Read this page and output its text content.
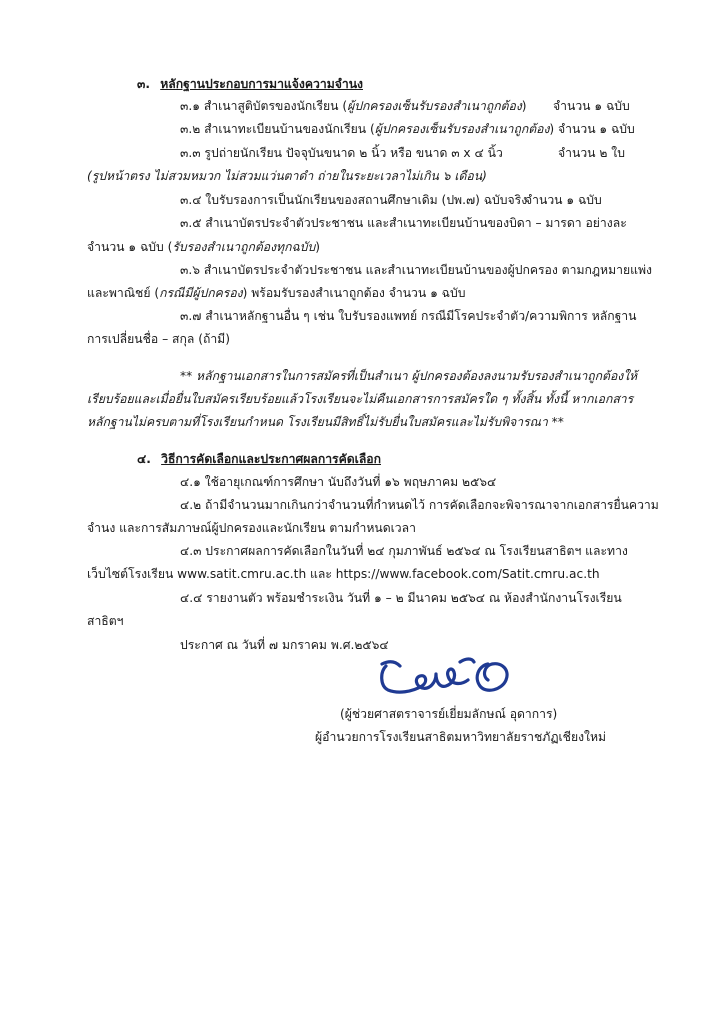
๓. หลักฐานประกอบการมาแจ้งความจำนง
๓.๑ สำเนาสูติบัตรของนักเรียน (ผู้ปกครองเซ็นรับรองสำเนาถูกต้อง) จำนวน ๑ ฉบับ
๓.๒ สำเนาทะเบียนบ้านของนักเรียน (ผู้ปกครองเซ็นรับรองสำเนาถูกต้อง) จำนวน ๑ ฉบับ
๓.๓ รูปถ่ายนักเรียน ปัจจุบันขนาด ๒ นิ้ว หรือ ขนาด ๓ x ๔ นิ้ว	จำนวน ๒ ใบ
(รูปหน้าตรง ไม่สวมหมวก ไม่สวมแว่นตาดำ ถ่ายในระยะเวลาไม่เกิน ๖ เดือน)
๓.๔ ใบรับรองการเป็นนักเรียนของสถานศึกษาเดิม (ปพ.๗) ฉบับจริง
จำนวน ๑ ฉบับ
๓.๕ สำเนาบัตรประจำตัวประชาชน และสำเนาทะเบียนบ้านของบิดา – มารดา อย่างละ
จำนวน ๑ ฉบับ (รับรองสำเนาถูกต้องทุกฉบับ)
๓.๖ สำเนาบัตรประจำตัวประชาชน และสำเนาทะเบียนบ้านของผู้ปกครอง ตามกฎหมายแพ่ง
และพาณิชย์ (กรณีมีผู้ปกครอง) พร้อมรับรองสำเนาถูกต้อง จำนวน ๑ ฉบับ
๓.๗ สำเนาหลักฐานอื่น ๆ เช่น ใบรับรองแพทย์ กรณีมีโรคประจำตัว/ความพิการ หลักฐาน
การเปลี่ยนชื่อ – สกุล (ถ้ามี)
** หลักฐานเอกสารในการสมัครที่เป็นสำเนา ผู้ปกครองต้องลงนามรับรองสำเนาถูกต้องให้
เรียบร้อยและเมื่อยื่นใบสมัครเรียบร้อยแล้วโรงเรียนจะไม่คืนเอกสารการสมัครใด ๆ ทั้งสิ้น ทั้งนี้ หากเอกสาร
หลักฐานไม่ครบตามที่โรงเรียนกำหนด โรงเรียนมีสิทธิ์ไม่รับยื่นใบสมัครและไม่รับพิจารณา **
๔. วิธีการคัดเลือกและประกาศผลการคัดเลือก
๔.๑ ใช้อายุเกณฑ์การศึกษา นับถึงวันที่ ๑๖ พฤษภาคม ๒๕๖๔
๔.๒ ถ้ามีจำนวนมากเกินกว่าจำนวนที่กำหนดไว้ การคัดเลือกจะพิจารณาจากเอกสารยื่นความ
จำนง และการสัมภาษณ์ผู้ปกครองและนักเรียน ตามกำหนดเวลา
๔.๓ ประกาศผลการคัดเลือกในวันที่ ๒๔ กุมภาพันธ์ ๒๕๖๔ ณ โรงเรียนสาธิตฯ และทาง
เว็บไซต์โรงเรียน www.satit.cmru.ac.th และ https://www.facebook.com/Satit.cmru.ac.th
๔.๔ รายงานตัว พร้อมชำระเงิน วันที่ ๑ – ๒ มีนาคม ๒๕๖๔ ณ ห้องสำนักงานโรงเรียน
สาธิตฯ
ประกาศ ณ วันที่ ๗ มกราคม พ.ศ.๒๕๖๔
(ผู้ช่วยศาสตราจารย์เยี่ยมลักษณ์ อุดาการ)
ผู้อำนวยการโรงเรียนสาธิตมหาวิทยาลัยราชภัฏเชียงใหม่
